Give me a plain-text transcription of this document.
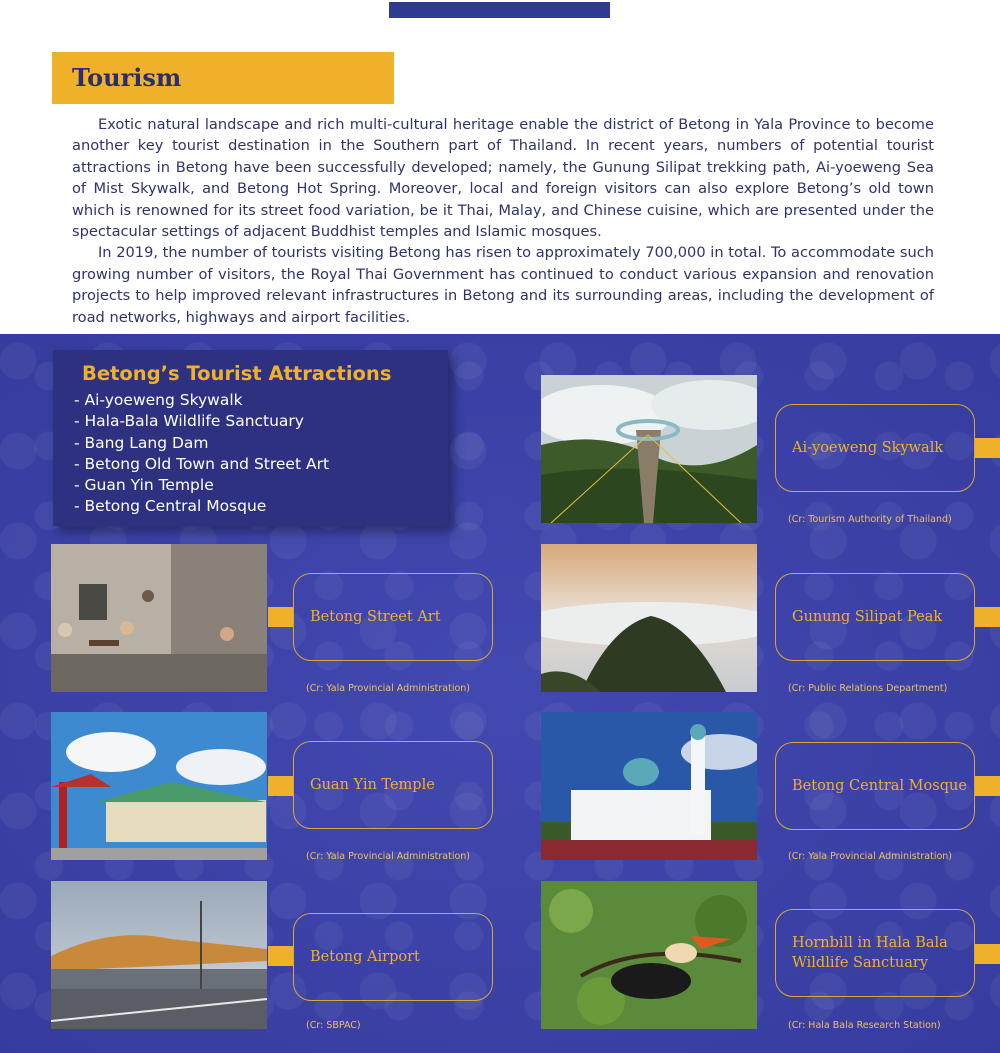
Tourism

Exotic natural landscape and rich multi-cultural heritage enable the district of Betong in Yala Province to become another key tourist destination in the Southern part of Thailand. In recent years, numbers of potential tourist attractions in Betong have been successfully developed; namely, the Gunung Silipat trekking path, Ai-yoeweng Sea of Mist Skywalk, and Betong Hot Spring. Moreover, local and foreign visitors can also explore Betong’s old town which is renowned for its street food variation, be it Thai, Malay, and Chinese cuisine, which are presented under the spectacular settings of adjacent Buddhist temples and Islamic mosques.

In 2019, the number of tourists visiting Betong has risen to approximately 700,000 in total. To accommodate such growing number of visitors, the Royal Thai Government has continued to conduct various expansion and renovation projects to help improved relevant infrastructures in Betong and its surrounding areas, including the development of road networks, highways and airport facilities.

Betong’s Tourist Attractions
- Ai-yoeweng Skywalk
- Hala-Bala Wildlife Sanctuary
- Bang Lang Dam
- Betong Old Town and Street Art
- Guan Yin Temple
- Betong Central Mosque
Ai-yoeweng Skywalk
(Cr: Tourism Authority of Thailand)
Betong Street Art
(Cr: Yala Provincial Administration)
Gunung Silipat Peak
(Cr: Public Relations Department)
Guan Yin Temple
(Cr: Yala Provincial Administration)
Betong Central Mosque
(Cr: Yala Provincial Administration)
Betong Airport
(Cr: SBPAC)
Hornbill in Hala Bala Wildlife Sanctuary
(Cr: Hala Bala Research Station)
